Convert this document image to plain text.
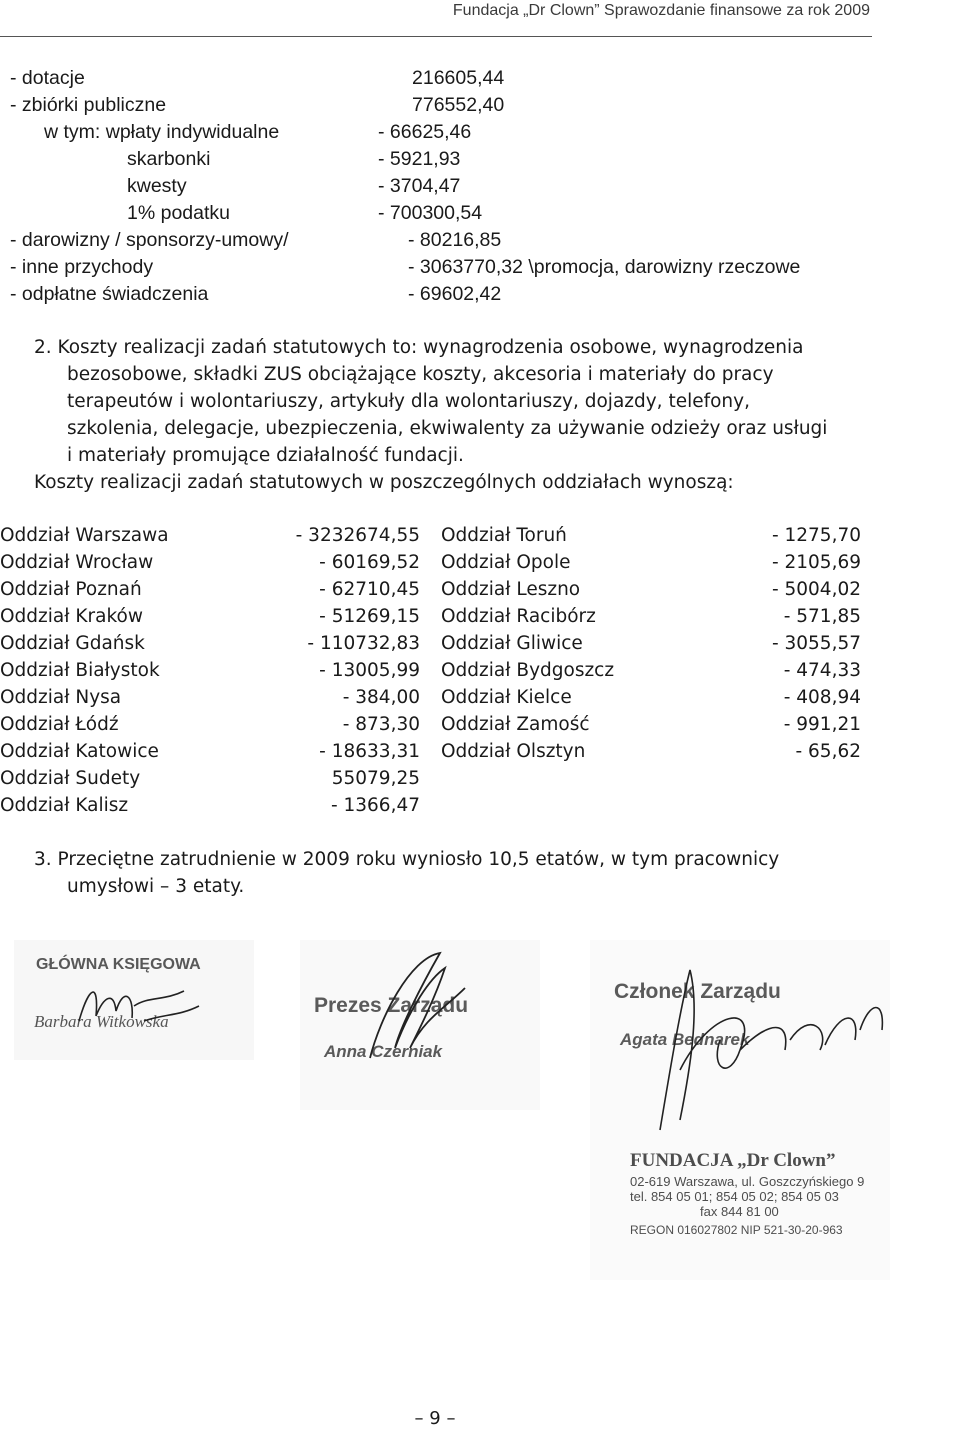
Fundacja „Dr Clown” Sprawozdanie finansowe za rok 2009
- dotacje	216605,44
- zbiórki publiczne	776552,40
w tym: wpłaty indywidualne	- 66625,46
skarbonki	- 5921,93
kwesty	- 3704,47
1% podatku	- 700300,54
- darowizny / sponsorzy-umowy/	- 80216,85
- inne przychody	- 3063770,32 \promocja, darowizny rzeczowe
- odpłatne świadczenia	- 69602,42
2. Koszty realizacji zadań statutowych to: wynagrodzenia osobowe, wynagrodzenia
bezosobowe, składki ZUS obciążające koszty, akcesoria i materiały do pracy
terapeutów i wolontariuszy, artykuły dla wolontariuszy, dojazdy, telefony,
szkolenia, delegacje, ubezpieczenia, ekwiwalenty za używanie odzieży oraz usługi
i materiały promujące działalność fundacji.
Koszty realizacji zadań statutowych w poszczególnych oddziałach wynoszą:
Oddział Warszawa	- 3232674,55
Oddział Wrocław	- 60169,52
Oddział Poznań	- 62710,45
Oddział Kraków	- 51269,15
Oddział Gdańsk	- 110732,83
Oddział Białystok	- 13005,99
Oddział Nysa	- 384,00
Oddział Łódź	- 873,30
Oddział Katowice	- 18633,31
Oddział Sudety	55079,25
Oddział Kalisz	- 1366,47
Oddział Toruń	- 1275,70
Oddział Opole	- 2105,69
Oddział Leszno	- 5004,02
Oddział Racibórz	- 571,85
Oddział Gliwice	- 3055,57
Oddział Bydgoszcz	- 474,33
Oddział Kielce	- 408,94
Oddział Zamość	- 991,21
Oddział Olsztyn	- 65,62
3. Przeciętne zatrudnienie w 2009 roku wyniosło 10,5 etatów, w tym pracownicy
umysłowi – 3 etaty.
GŁÓWNA KSIĘGOWA
Barbara Witkowska
Prezes Zarządu
Anna Czerniak
Członek Zarządu
Agata Bednarek
FUNDACJA „Dr Clown”
02-619 Warszawa, ul. Goszczyńskiego 9
tel. 854 05 01; 854 05 02; 854 05 03
fax 844 81 00
REGON 016027802 NIP 521-30-20-963
– 9 –
